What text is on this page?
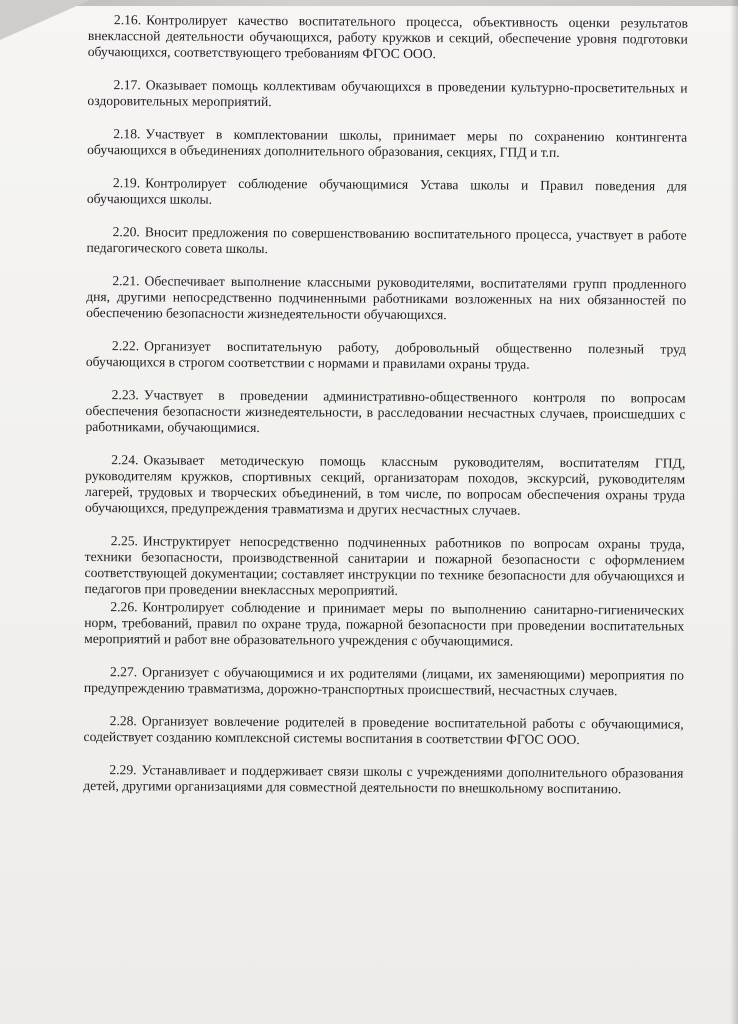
2.16. Контролирует качество воспитательного процесса, объективность оценки результатов внеклассной деятельности обучающихся, работу кружков и секций, обеспечение уровня подготовки обучающихся, соответствующего требованиям ФГОС ООО.

2.17. Оказывает помощь коллективам обучающихся в проведении культурно-просветительных и оздоровительных мероприятий.

2.18. Участвует в комплектовании школы, принимает меры по сохранению контингента обучающихся в объединениях дополнительного образования, секциях, ГПД и т.п.

2.19. Контролирует соблюдение обучающимися Устава школы и Правил поведения для обучающихся школы.

2.20. Вносит предложения по совершенствованию воспитательного процесса, участвует в работе педагогического совета школы.

2.21. Обеспечивает выполнение классными руководителями, воспитателями групп продленного дня, другими непосредственно подчиненными работниками возложенных на них обязанностей по обеспечению безопасности жизнедеятельности обучающихся.

2.22. Организует воспитательную работу, добровольный общественно полезный труд обучающихся в строгом соответствии с нормами и правилами охраны труда.

2.23. Участвует в проведении административно-общественного контроля по вопросам обеспечения безопасности жизнедеятельности, в расследовании несчастных случаев, происшедших с работниками, обучающимися.

2.24. Оказывает методическую помощь классным руководителям, воспитателям ГПД, руководителям кружков, спортивных секций, организаторам походов, экскурсий, руководителям лагерей, трудовых и творческих объединений, в том числе, по вопросам обеспечения охраны труда обучающихся, предупреждения травматизма и других несчастных случаев.

2.25. Инструктирует непосредственно подчиненных работников по вопросам охраны труда, техники безопасности, производственной санитарии и пожарной безопасности с оформлением соответствующей документации; составляет инструкции по технике безопасности для обучающихся и педагогов при проведении внеклассных мероприятий.

2.26. Контролирует соблюдение и принимает меры по выполнению санитарно-гигиенических норм, требований, правил по охране труда, пожарной безопасности при проведении воспитательных мероприятий и работ вне образовательного учреждения с обучающимися.

2.27. Организует с обучающимися и их родителями (лицами, их заменяющими) мероприятия по предупреждению травматизма, дорожно-транспортных происшествий, несчастных случаев.

2.28. Организует вовлечение родителей в проведение воспитательной работы с обучающимися, содействует созданию комплексной системы воспитания в соответствии ФГОС ООО.

2.29. Устанавливает и поддерживает связи школы с учреждениями дополнительного образования детей, другими организациями для совместной деятельности по внешкольному воспитанию.
